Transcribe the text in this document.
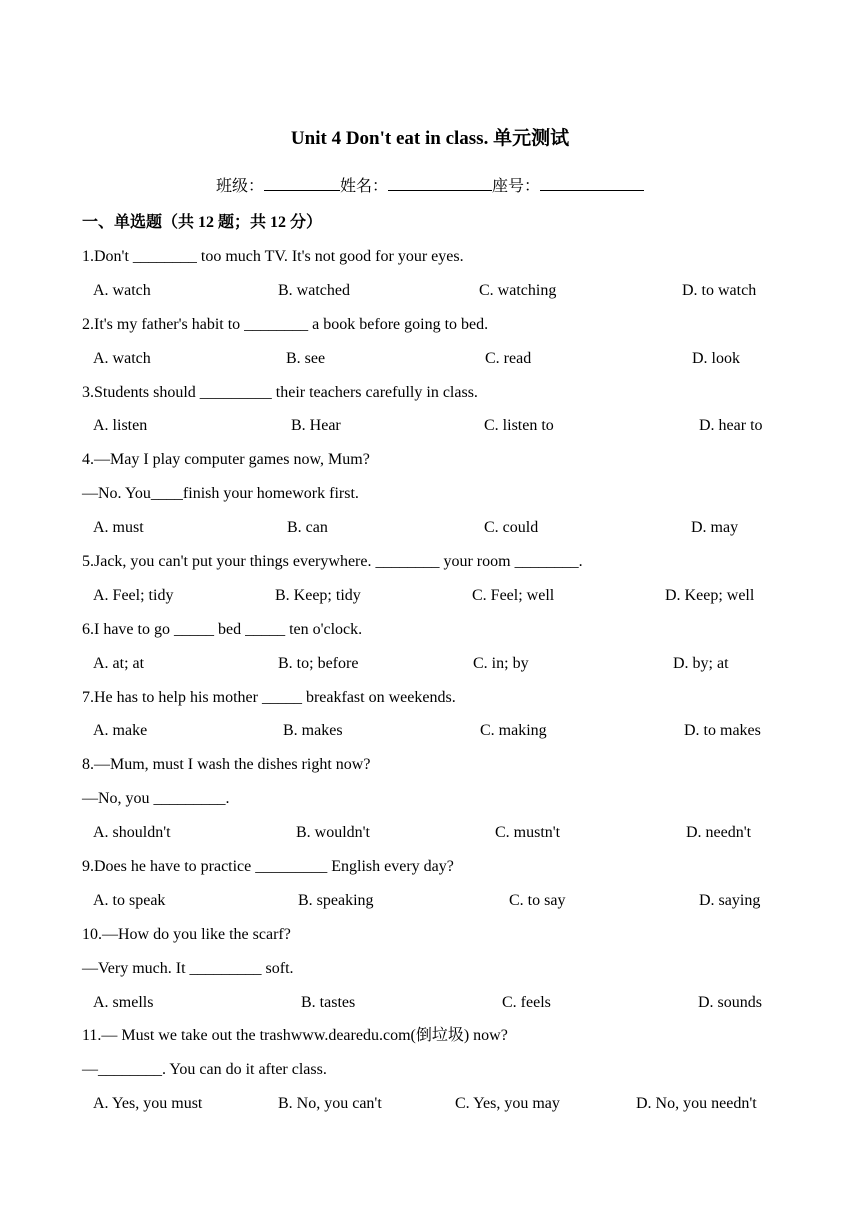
Unit 4 Don't eat in class. 单元测试
班级：	姓名：	座号：
一、单选题（共 12 题；共 12 分）
1.Don't ________ too much TV. It's not good for your eyes.
A. watch	B. watched	C. watching	D. to watch
2.It's my father's habit to ________ a book before going to bed.
A. watch	B. see	C. read	D. look
3.Students should _________ their teachers carefully in class.
A. listen	B. Hear	C. listen to	D. hear to
4.—May I play computer games now, Mum?
—No. You____finish your homework first.
A. must	B. can	C. could	D. may
5.Jack, you can't put your things everywhere. ________ your room ________.
A. Feel; tidy	B. Keep; tidy	C. Feel; well	D. Keep; well
6.I have to go _____ bed _____ ten o'clock.
A. at; at	B. to; before	C. in; by	D. by; at
7.He has to help his mother _____ breakfast on weekends.
A. make	B. makes	C. making	D. to makes
8.—Mum, must I wash the dishes right now?
—No, you _________.
A. shouldn't	B. wouldn't	C. mustn't	D. needn't
9.Does he have to practice _________ English every day?
A. to speak	B. speaking	C. to say	D. saying
10.—How do you like the scarf?
—Very much. It _________ soft.
A. smells	B. tastes	C. feels	D. sounds
11.— Must we take out the trashwww.dearedu.com(倒垃圾) now?
—________. You can do it after class.
A. Yes, you must	B. No, you can't	C. Yes, you may	D. No, you needn't
